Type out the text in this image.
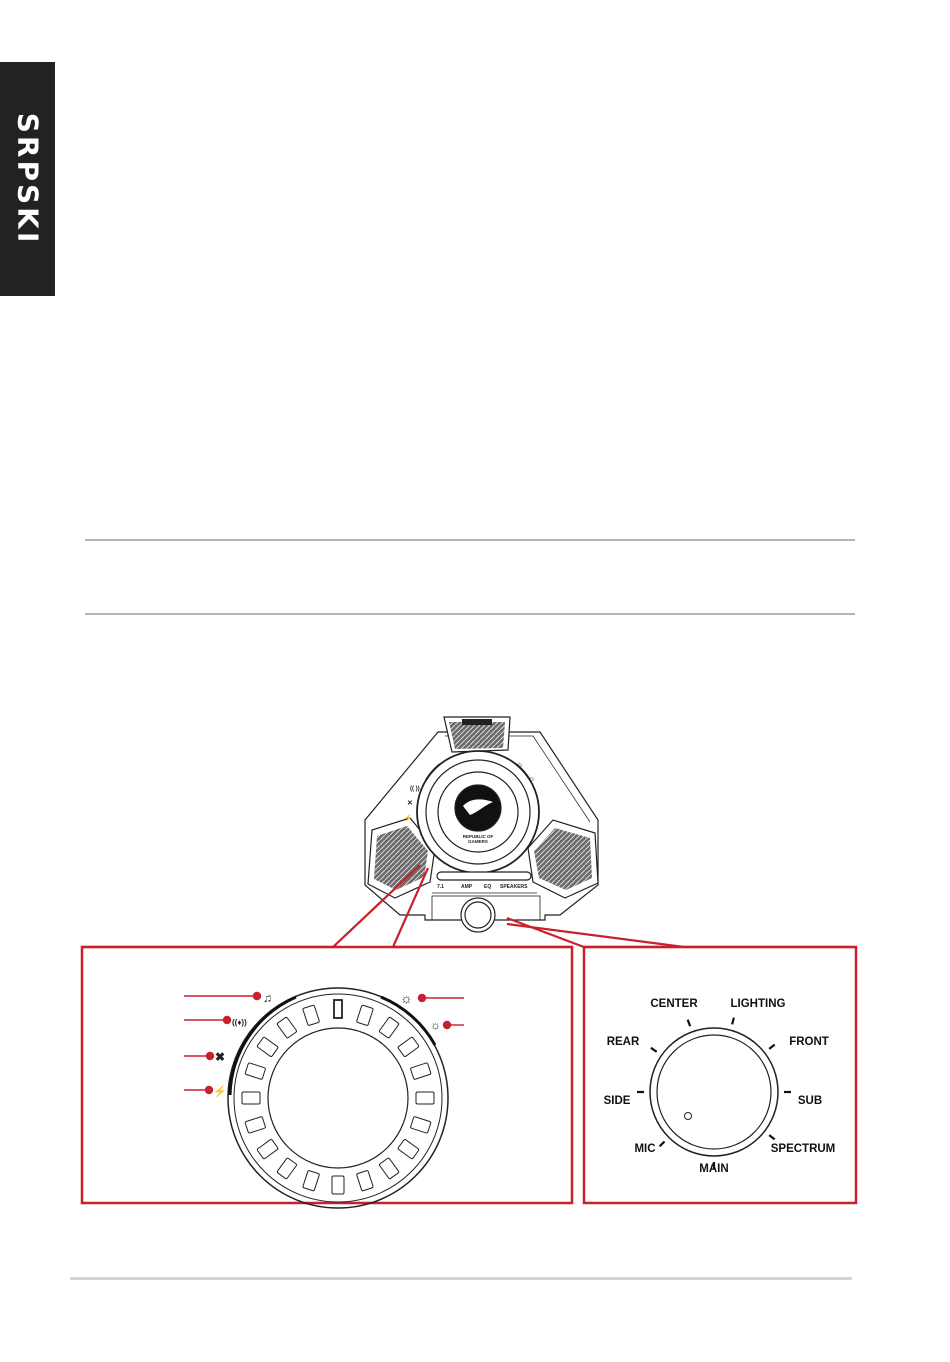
SRPSKI
REPUBLIC OF
GAMERS
(( ))
✕
⚡
☼
☼
7.1	AMP EQ SPEAKERS
♫
((♦))
✖
⚡
☼
☼
CENTER	LIGHTING
REAR	FRONT
SIDE	SUB
MIC	SPECTRUM
MAIN
